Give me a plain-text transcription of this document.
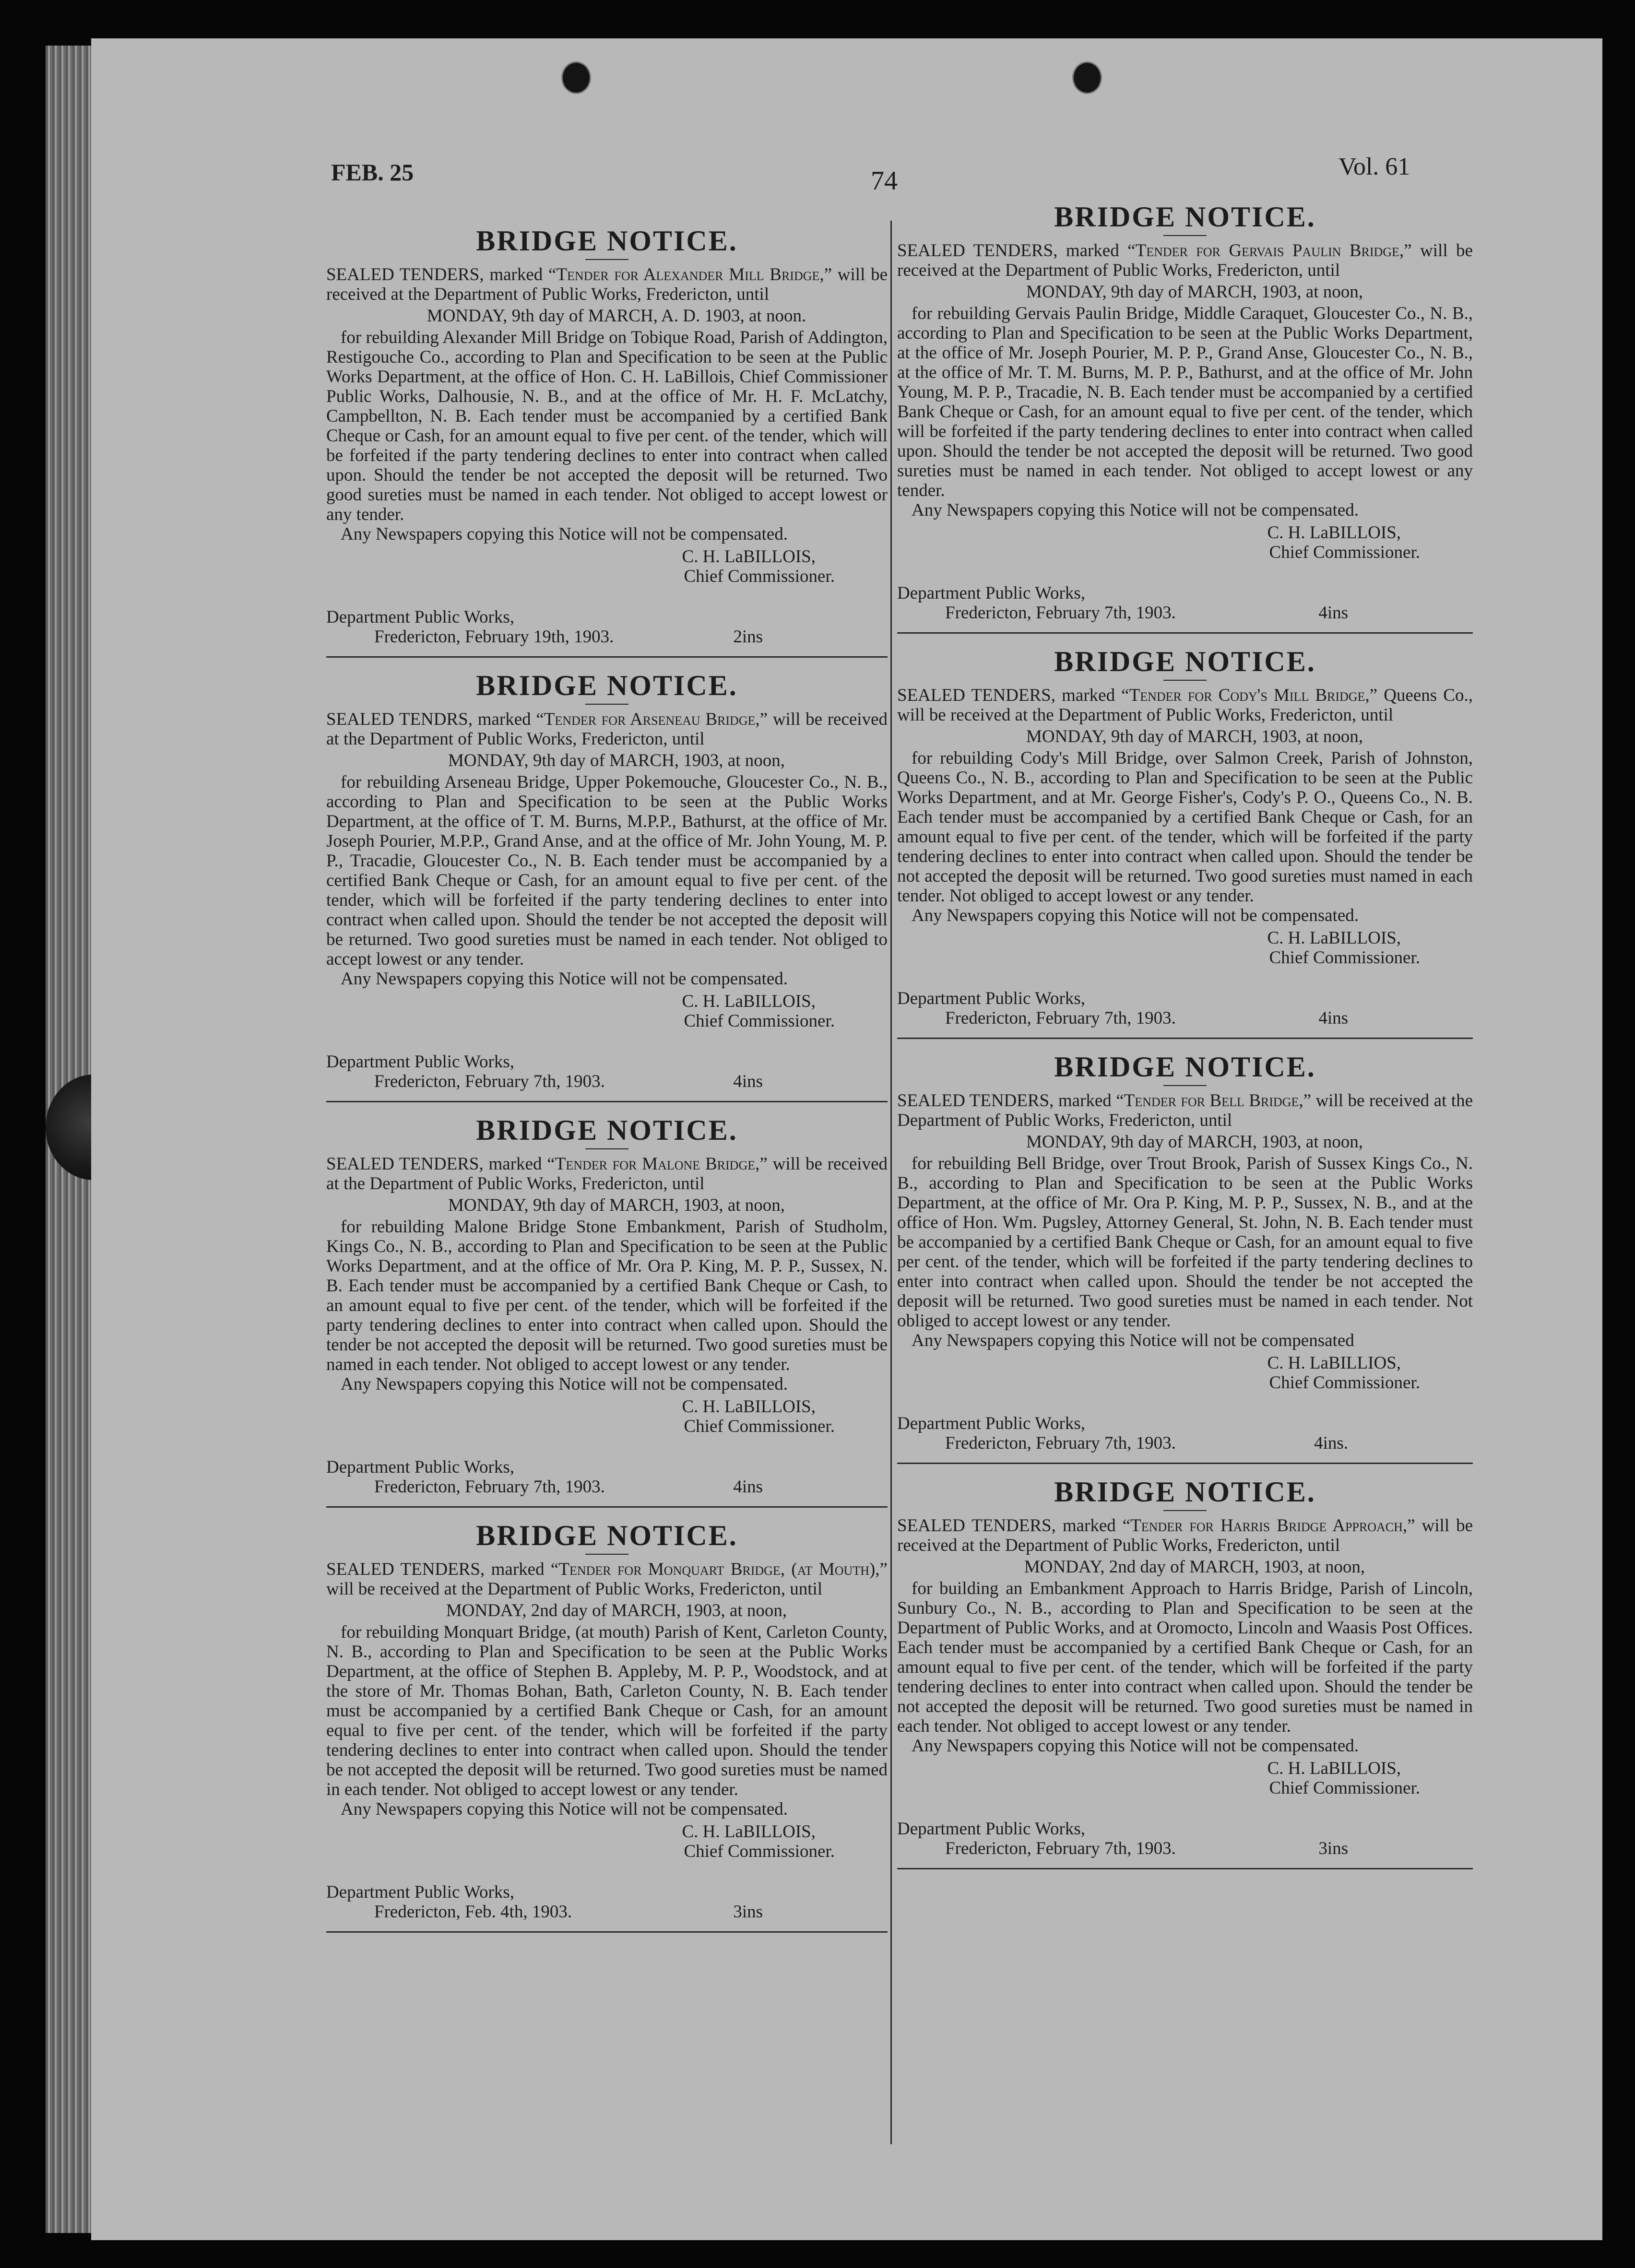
FEB. 25	74	Vol. 61
BRIDGE NOTICE.
SEALED TENDERS, marked “Tender for Alexander Mill Bridge,” will be received at the Department of Public Works, Fredericton, until
MONDAY, 9th day of MARCH, A. D. 1903, at noon.
for rebuilding Alexander Mill Bridge on Tobique Road, Parish of Addington, Restigouche Co., according to Plan and Specification to be seen at the Public Works Department, at the office of Hon. C. H. LaBillois, Chief Commissioner Public Works, Dalhousie, N. B., and at the office of Mr. H. F. McLatchy, Campbellton, N. B. Each tender must be accompanied by a certified Bank Cheque or Cash, for an amount equal to five per cent. of the tender, which will be forfeited if the party tendering declines to enter into contract when called upon. Should the tender be not accepted the deposit will be returned. Two good sureties must be named in each tender. Not obliged to accept lowest or any tender.
Any Newspapers copying this Notice will not be compensated.
C. H. LaBILLOIS,
Chief Commissioner.
Department Public Works,
Fredericton, February 19th, 1903.	2ins
BRIDGE NOTICE.
SEALED TENDRS, marked “Tender for Arseneau Bridge,” will be received at the Department of Public Works, Fredericton, until
MONDAY, 9th day of MARCH, 1903, at noon,
for rebuilding Arseneau Bridge, Upper Pokemouche, Gloucester Co., N. B., according to Plan and Specification to be seen at the Public Works Department, at the office of T. M. Burns, M.P.P., Bathurst, at the office of Mr. Joseph Pourier, M.P.P., Grand Anse, and at the office of Mr. John Young, M. P. P., Tracadie, Gloucester Co., N. B. Each tender must be accompanied by a certified Bank Cheque or Cash, for an amount equal to five per cent. of the tender, which will be forfeited if the party tendering declines to enter into contract when called upon. Should the tender be not accepted the deposit will be returned. Two good sureties must be named in each tender. Not obliged to accept lowest or any tender.
Any Newspapers copying this Notice will not be compensated.
C. H. LaBILLOIS,
Chief Commissioner.
Department Public Works,
Fredericton, February 7th, 1903.	4ins
BRIDGE NOTICE.
SEALED TENDERS, marked “Tender for Malone Bridge,” will be received at the Department of Public Works, Fredericton, until
MONDAY, 9th day of MARCH, 1903, at noon,
for rebuilding Malone Bridge Stone Embankment, Parish of Studholm, Kings Co., N. B., according to Plan and Specification to be seen at the Public Works Department, and at the office of Mr. Ora P. King, M. P. P., Sussex, N. B. Each tender must be accompanied by a certified Bank Cheque or Cash, to an amount equal to five per cent. of the tender, which will be forfeited if the party tendering declines to enter into contract when called upon. Should the tender be not accepted the deposit will be returned. Two good sureties must be named in each tender. Not obliged to accept lowest or any tender.
Any Newspapers copying this Notice will not be compensated.
C. H. LaBILLOIS,
Chief Commissioner.
Department Public Works,
Fredericton, February 7th, 1903.	4ins
BRIDGE NOTICE.
SEALED TENDERS, marked “Tender for Monquart Bridge, (at Mouth),” will be received at the Department of Public Works, Fredericton, until
MONDAY, 2nd day of MARCH, 1903, at noon,
for rebuilding Monquart Bridge, (at mouth) Parish of Kent, Carleton County, N. B., according to Plan and Specification to be seen at the Public Works Department, at the office of Stephen B. Appleby, M. P. P., Woodstock, and at the store of Mr. Thomas Bohan, Bath, Carleton County, N. B. Each tender must be accompanied by a certified Bank Cheque or Cash, for an amount equal to five per cent. of the tender, which will be forfeited if the party tendering declines to enter into contract when called upon. Should the tender be not accepted the deposit will be returned. Two good sureties must be named in each tender. Not obliged to accept lowest or any tender.
Any Newspapers copying this Notice will not be compensated.
C. H. LaBILLOIS,
Chief Commissioner.
Department Public Works,
Fredericton, Feb. 4th, 1903.	3ins
BRIDGE NOTICE.
SEALED TENDERS, marked “Tender for Gervais Paulin Bridge,” will be received at the Department of Public Works, Fredericton, until
MONDAY, 9th day of MARCH, 1903, at noon,
for rebuilding Gervais Paulin Bridge, Middle Caraquet, Gloucester Co., N. B., according to Plan and Specification to be seen at the Public Works Department, at the office of Mr. Joseph Pourier, M. P. P., Grand Anse, Gloucester Co., N. B., at the office of Mr. T. M. Burns, M. P. P., Bathurst, and at the office of Mr. John Young, M. P. P., Tracadie, N. B. Each tender must be accompanied by a certified Bank Cheque or Cash, for an amount equal to five per cent. of the tender, which will be forfeited if the party tendering declines to enter into contract when called upon. Should the tender be not accepted the deposit will be returned. Two good sureties must be named in each tender. Not obliged to accept lowest or any tender.
Any Newspapers copying this Notice will not be compensated.
C. H. LaBILLOIS,
Chief Commissioner.
Department Public Works,
Fredericton, February 7th, 1903.	4ins
BRIDGE NOTICE.
SEALED TENDERS, marked “Tender for Cody's Mill Bridge,” Queens Co., will be received at the Department of Public Works, Fredericton, until
MONDAY, 9th day of MARCH, 1903, at noon,
for rebuilding Cody's Mill Bridge, over Salmon Creek, Parish of Johnston, Queens Co., N. B., according to Plan and Specification to be seen at the Public Works Department, and at Mr. George Fisher's, Cody's P. O., Queens Co., N. B. Each tender must be accompanied by a certified Bank Cheque or Cash, for an amount equal to five per cent. of the tender, which will be forfeited if the party tendering declines to enter into contract when called upon. Should the tender be not accepted the deposit will be returned. Two good sureties must named in each tender. Not obliged to accept lowest or any tender.
Any Newspapers copying this Notice will not be compensated.
C. H. LaBILLOIS,
Chief Commissioner.
Department Public Works,
Fredericton, February 7th, 1903.	4ins
BRIDGE NOTICE.
SEALED TENDERS, marked “Tender for Bell Bridge,” will be received at the Department of Public Works, Fredericton, until
MONDAY, 9th day of MARCH, 1903, at noon,
for rebuilding Bell Bridge, over Trout Brook, Parish of Sussex Kings Co., N. B., according to Plan and Specification to be seen at the Public Works Department, at the office of Mr. Ora P. King, M. P. P., Sussex, N. B., and at the office of Hon. Wm. Pugsley, Attorney General, St. John, N. B. Each tender must be accompanied by a certified Bank Cheque or Cash, for an amount equal to five per cent. of the tender, which will be forfeited if the party tendering declines to enter into contract when called upon. Should the tender be not accepted the deposit will be returned. Two good sureties must be named in each tender. Not obliged to accept lowest or any tender.
Any Newspapers copying this Notice will not be compensated
C. H. LaBILLIOS,
Chief Commissioner.
Department Public Works,
Fredericton, February 7th, 1903.	4ins.
BRIDGE NOTICE.
SEALED TENDERS, marked “Tender for Harris Bridge Approach,” will be received at the Department of Public Works, Fredericton, until
MONDAY, 2nd day of MARCH, 1903, at noon,
for building an Embankment Approach to Harris Bridge, Parish of Lincoln, Sunbury Co., N. B., according to Plan and Specification to be seen at the Department of Public Works, and at Oromocto, Lincoln and Waasis Post Offices. Each tender must be accompanied by a certified Bank Cheque or Cash, for an amount equal to five per cent. of the tender, which will be forfeited if the party tendering declines to enter into contract when called upon. Should the tender be not accepted the deposit will be returned. Two good sureties must be named in each tender. Not obliged to accept lowest or any tender.
Any Newspapers copying this Notice will not be compensated.
C. H. LaBILLOIS,
Chief Commissioner.
Department Public Works,
Fredericton, February 7th, 1903.	3ins
